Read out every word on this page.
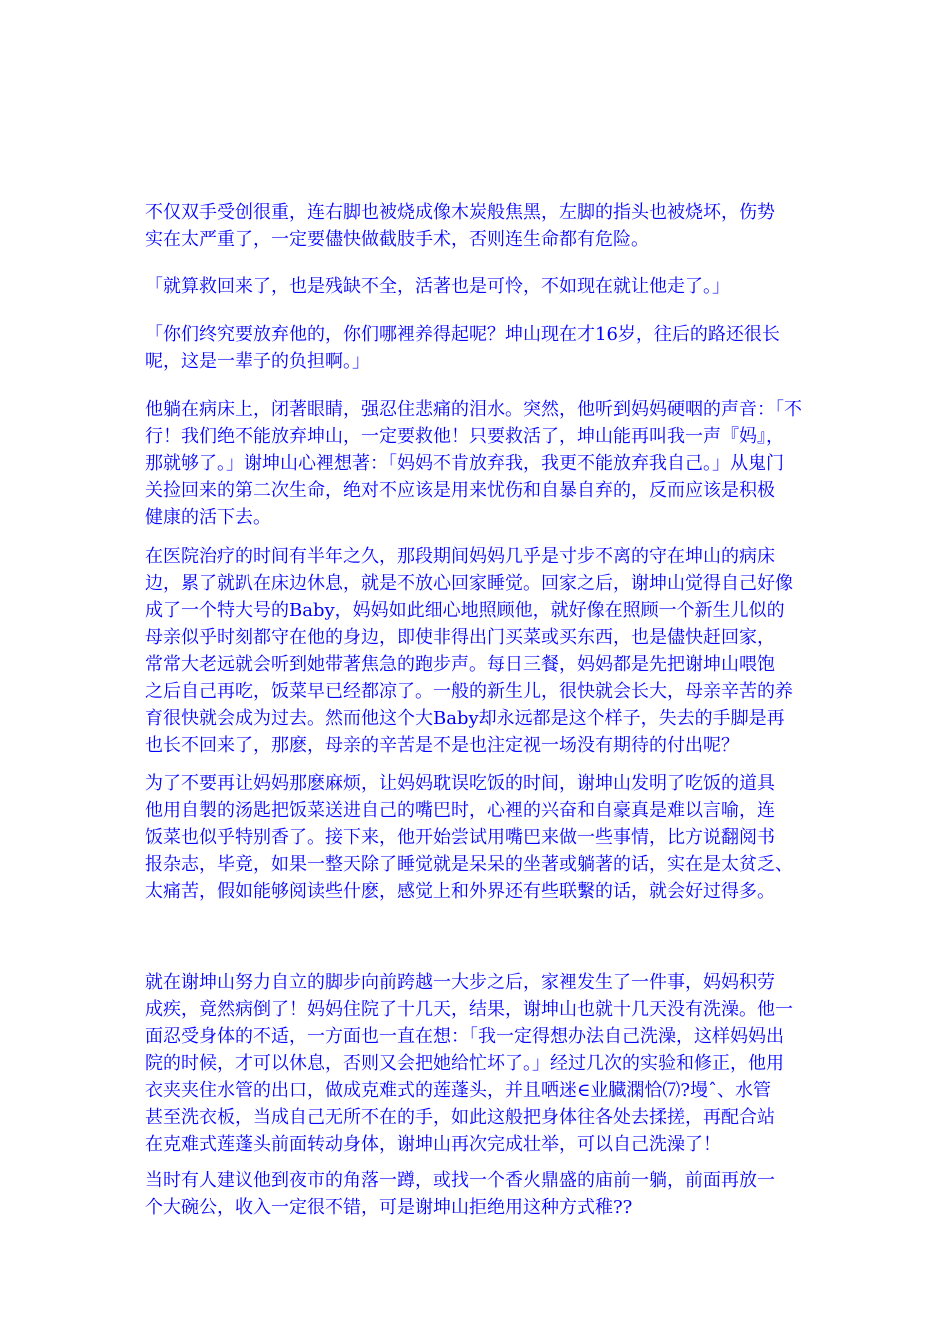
不仅双手受创很重，连右脚也被烧成像木炭般焦黑，左脚的指头也被烧坏，伤势
实在太严重了，一定要儘快做截肢手术，否则连生命都有危险。

「就算救回来了，也是残缺不全，活著也是可怜，不如现在就让他走了。」

「你们终究要放弃他的，你们哪裡养得起呢？坤山现在才16岁，往后的路还很长
呢，这是一辈子的负担啊。」

他躺在病床上，闭著眼睛，强忍住悲痛的泪水。突然，他听到妈妈硬咽的声音：「不
行！我们绝不能放弃坤山，一定要救他！只要救活了，坤山能再叫我一声『妈』，
那就够了。」谢坤山心裡想著：「妈妈不肯放弃我，我更不能放弃我自己。」从鬼门
关捡回来的第二次生命，绝对不应该是用来忧伤和自暴自弃的，反而应该是积极
健康的活下去。

在医院治疗的时间有半年之久，那段期间妈妈几乎是寸步不离的守在坤山的病床
边，累了就趴在床边休息，就是不放心回家睡觉。回家之后，谢坤山觉得自己好像
成了一个特大号的Baby，妈妈如此细心地照顾他，就好像在照顾一个新生儿似的
母亲似乎时刻都守在他的身边，即使非得出门买菜或买东西，也是儘快赶回家，
常常大老远就会听到她带著焦急的跑步声。每日三餐，妈妈都是先把谢坤山喂饱
之后自己再吃，饭菜早已经都凉了。一般的新生儿，很快就会长大，母亲辛苦的养
育很快就会成为过去。然而他这个大Baby却永远都是这个样子，失去的手脚是再
也长不回来了，那麽，母亲的辛苦是不是也注定视一场没有期待的付出呢？

为了不要再让妈妈那麽麻烦，让妈妈耽误吃饭的时间，谢坤山发明了吃饭的道具
他用自製的汤匙把饭菜送进自己的嘴巴时，心裡的兴奋和自豪真是难以言喻，连
饭菜也似乎特别香了。接下来，他开始尝试用嘴巴来做一些事情，比方说翻阅书
报杂志，毕竟，如果一整天除了睡觉就是呆呆的坐著或躺著的话，实在是太贫乏、
太痛苦，假如能够阅读些什麽，感觉上和外界还有些联繫的话，就会好过得多。

就在谢坤山努力自立的脚步向前跨越一大步之后，家裡发生了一件事，妈妈积劳
成疾，竟然病倒了！妈妈住院了十几天，结果，谢坤山也就十几天没有洗澡。他一
面忍受身体的不适，一方面也一直在想：「我一定得想办法自己洗澡，这样妈妈出
院的时候，才可以休息，否则又会把她给忙坏了。」经过几次的实验和修正，他用
衣夹夹住水管的出口，做成克难式的莲蓬头，并且哂迷∈业臓澖恰⑺?墁ˆ、水管
甚至洗衣板，当成自己无所不在的手，如此这般把身体往各处去揉搓，再配合站
在克难式莲蓬头前面转动身体，谢坤山再次完成壮举，可以自己洗澡了！

当时有人建议他到夜市的角落一蹲，或找一个香火鼎盛的庙前一躺，前面再放一
个大碗公，收入一定很不错，可是谢坤山拒绝用这种方式稚??
